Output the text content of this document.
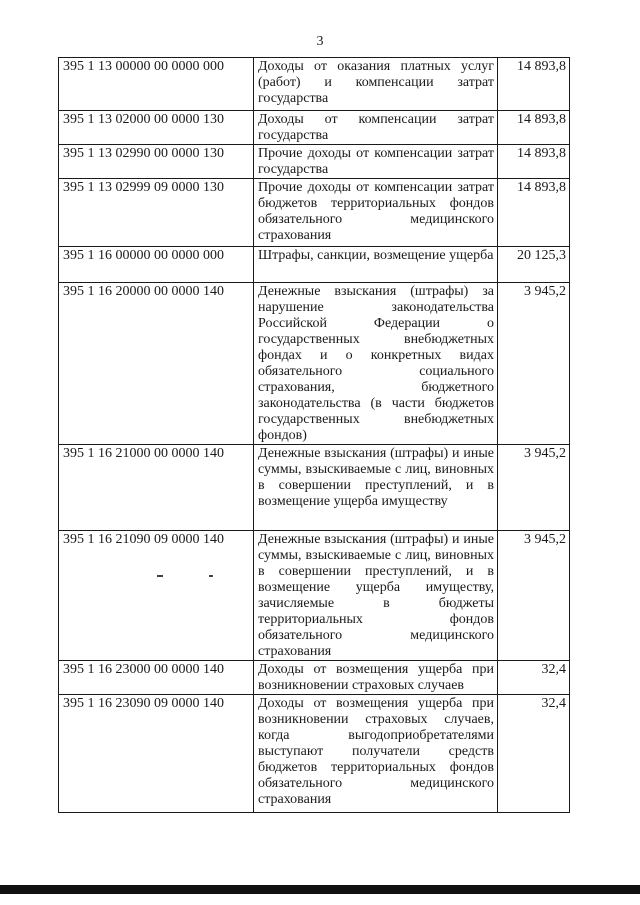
3
395 1 13 00000 00 0000 000	Доходы от оказания платных услуг (работ) и компенсации затрат государства	14 893,8
395 1 13 02000 00 0000 130	Доходы от компенсации затрат государства	14 893,8
395 1 13 02990 00 0000 130	Прочие доходы от компенсации затрат государства	14 893,8
395 1 13 02999 09 0000 130	Прочие доходы от компенсации затрат бюджетов территориальных фондов обязательного медицинского страхования	14 893,8
395 1 16 00000 00 0000 000	Штрафы, санкции, возмещение ущерба	20 125,3
395 1 16 20000 00 0000 140	Денежные взыскания (штрафы) за нарушение законодательства Российской Федерации о государственных внебюджетных фондах и о конкретных видах обязательного социального страхования, бюджетного законодательства (в части бюджетов государственных внебюджетных фондов)	3 945,2
395 1 16 21000 00 0000 140	Денежные взыскания (штрафы) и иные суммы, взыскиваемые с лиц, виновных в совершении преступлений, и в возмещение ущерба имуществу	3 945,2
395 1 16 21090 09 0000 140	Денежные взыскания (штрафы) и иные суммы, взыскиваемые с лиц, виновных в совершении преступлений, и в возмещение ущерба имуществу, зачисляемые в бюджеты территориальных фондов обязательного медицинского страхования	3 945,2
395 1 16 23000 00 0000 140	Доходы от возмещения ущерба при возникновении страховых случаев	32,4
395 1 16 23090 09 0000 140	Доходы от возмещения ущерба при возникновении страховых случаев, когда выгодоприобретателями выступают получатели средств бюджетов территориальных фондов обязательного медицинского страхования	32,4
